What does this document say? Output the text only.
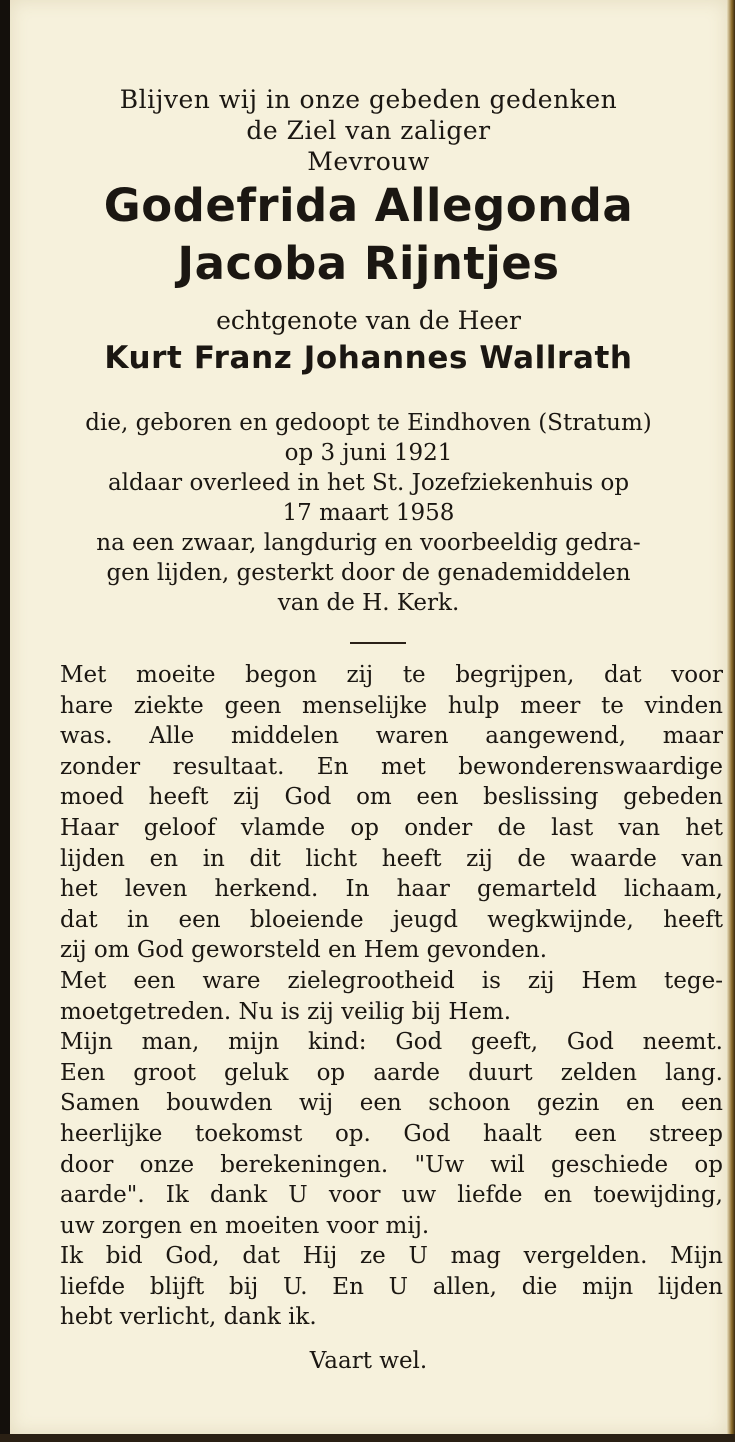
Blijven wij in onze gebeden gedenken
de Ziel van zaliger
Mevrouw
Godefrida Allegonda
Jacoba Rijntjes
echtgenote van de Heer
Kurt Franz Johannes Wallrath
die, geboren en gedoopt te Eindhoven (Stratum)
op 3 juni 1921
aldaar overleed in het St. Jozefziekenhuis op
17 maart 1958
na een zwaar, langdurig en voorbeeldig gedra-
gen lijden, gesterkt door de genademiddelen
van de H. Kerk.
Met moeite begon zij te begrijpen, dat voor
hare ziekte geen menselijke hulp meer te vinden
was. Alle middelen waren aangewend, maar
zonder resultaat. En met bewonderenswaardige
moed heeft zij God om een beslissing gebeden
Haar geloof vlamde op onder de last van het
lijden en in dit licht heeft zij de waarde van
het leven herkend. In haar gemarteld lichaam,
dat in een bloeiende jeugd wegkwijnde, heeft
zij om God geworsteld en Hem gevonden.
Met een ware zielegrootheid is zij Hem tege-
moetgetreden. Nu is zij veilig bij Hem.
Mijn man, mijn kind: God geeft, God neemt.
Een groot geluk op aarde duurt zelden lang.
Samen bouwden wij een schoon gezin en een
heerlijke toekomst op. God haalt een streep
door onze berekeningen. "Uw wil geschiede op
aarde". Ik dank U voor uw liefde en toewijding,
uw zorgen en moeiten voor mij.
Ik bid God, dat Hij ze U mag vergelden. Mijn
liefde blijft bij U. En U allen, die mijn lijden
hebt verlicht, dank ik.
Vaart wel.
